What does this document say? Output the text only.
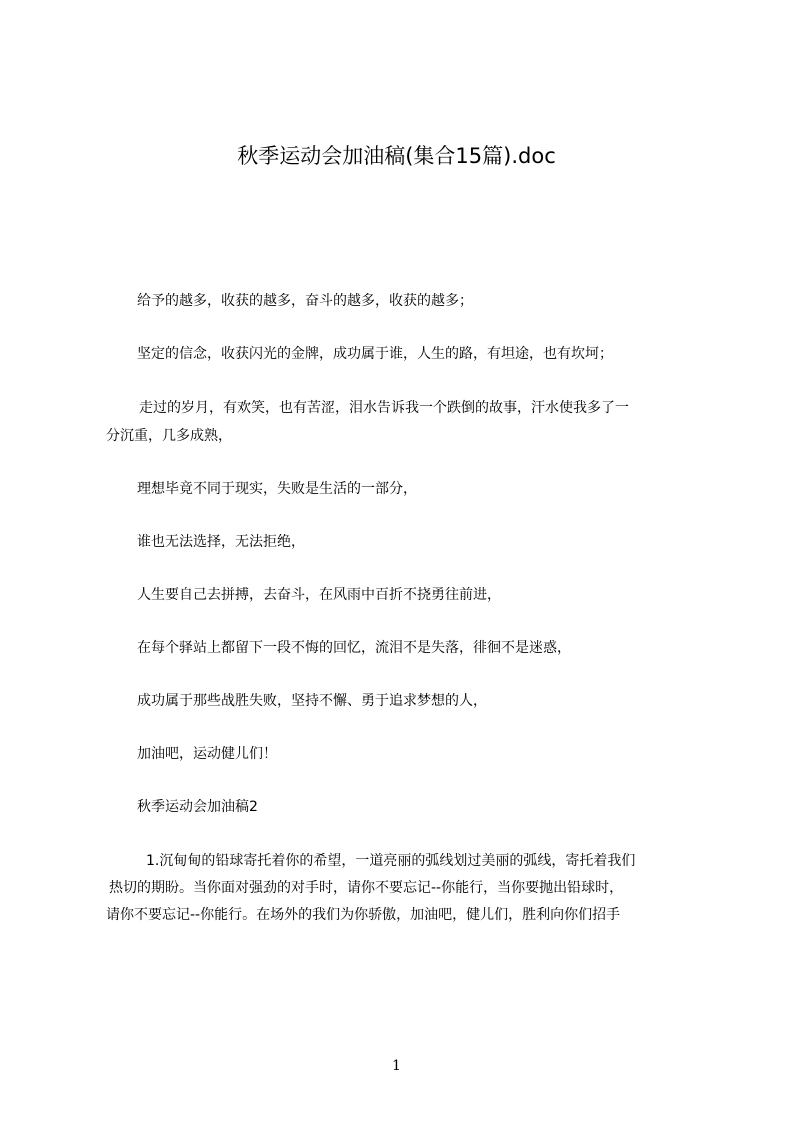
秋季运动会加油稿(集合15篇).doc
给予的越多，收获的越多，奋斗的越多，收获的越多；
坚定的信念，收获闪光的金牌，成功属于谁，人生的路，有坦途，也有坎坷；
走过的岁月，有欢笑，也有苦涩，泪水告诉我一个跌倒的故事，汗水使我多了一
分沉重，几多成熟，
理想毕竟不同于现实，失败是生活的一部分，
谁也无法选择，无法拒绝，
人生要自己去拼搏，去奋斗，在风雨中百折不挠勇往前进，
在每个驿站上都留下一段不悔的回忆，流泪不是失落，徘徊不是迷惑，
成功属于那些战胜失败，坚持不懈、勇于追求梦想的人，
加油吧，运动健儿们！
秋季运动会加油稿2
1.沉甸甸的铅球寄托着你的希望，一道亮丽的弧线划过美丽的弧线，寄托着我们
热切的期盼。当你面对强劲的对手时，请你不要忘记--你能行，当你要抛出铅球时，
请你不要忘记--你能行。在场外的我们为你骄傲，加油吧，健儿们，胜利向你们招手
1
